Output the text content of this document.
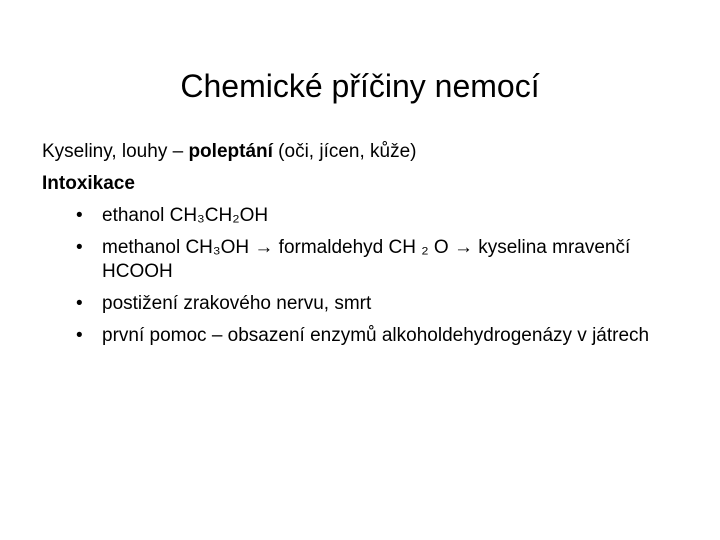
Chemické příčiny nemocí

Kyseliny, louhy – poleptání (oči, jícen, kůže)

Intoxikace

• ethanol CH₃CH₂OH
• methanol CH₃OH → formaldehyd CH ₂ O → kyselina mravenčí HCOOH
• postižení zrakového nervu, smrt
• první pomoc – obsazení enzymů alkoholdehydrogenázy v játrech
